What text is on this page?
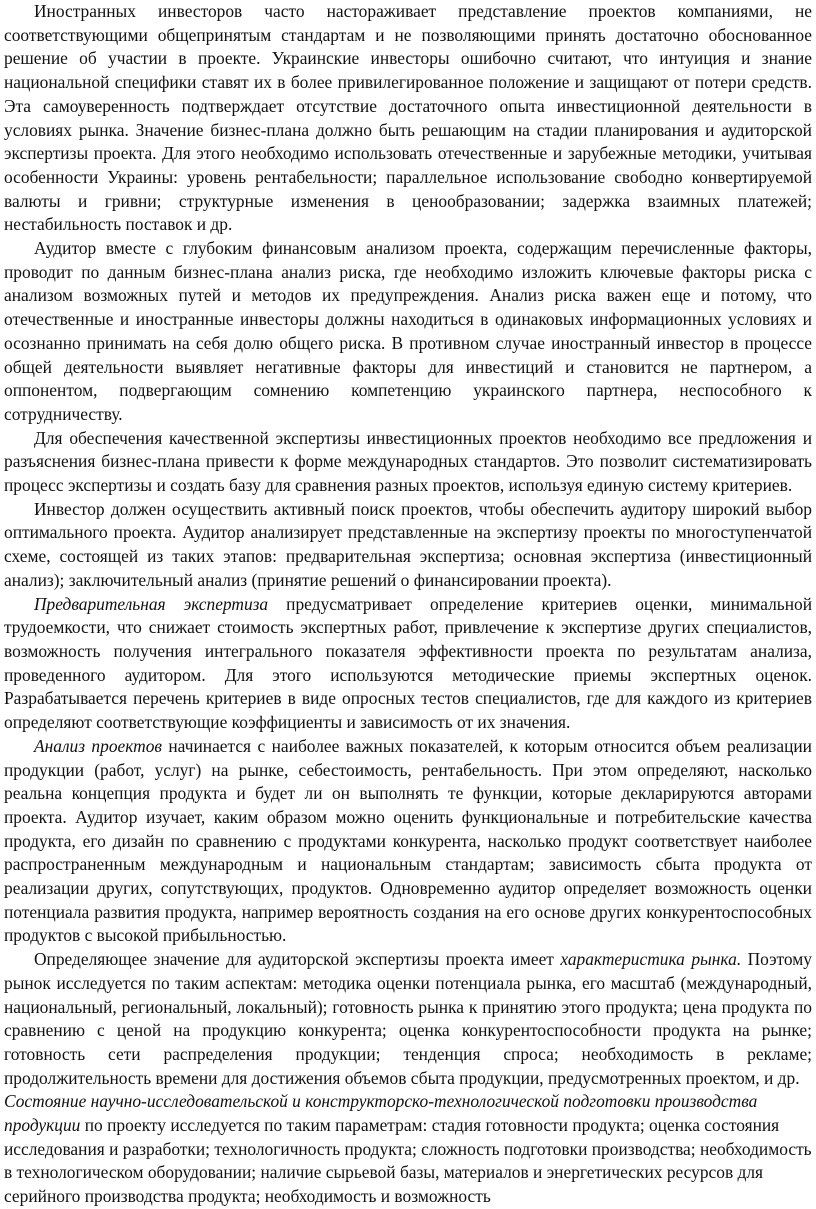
Иностранных инвесторов часто настораживает представление проектов компаниями, не соответствующими общепринятым стандартам и не позволяющими принять достаточно обоснованное решение об участии в проекте. Украинские инвесторы ошибочно считают, что интуиция и знание национальной специфики ставят их в более привилегированное положение и защищают от потери средств. Эта самоуверенность подтверждает отсутствие достаточного опыта инвестиционной деятельности в условиях рынка. Значение бизнес-плана должно быть решающим на стадии планирования и аудиторской экспертизы проекта. Для этого необходимо использовать отечественные и зарубежные методики, учитывая особенности Украины: уровень рентабельности; параллельное использование свободно конвертируемой валюты и гривни; структурные изменения в ценообразовании; задержка взаимных платежей; нестабильность поставок и др.

Аудитор вместе с глубоким финансовым анализом проекта, содержащим перечисленные факторы, проводит по данным бизнес-плана анализ риска, где необходимо изложить ключевые факторы риска с анализом возможных путей и методов их предупреждения. Анализ риска важен еще и потому, что отечественные и иностранные инвесторы должны находиться в одинаковых информационных условиях и осознанно принимать на себя долю общего риска. В противном случае иностранный инвестор в процессе общей деятельности выявляет негативные факторы для инвестиций и становится не партнером, а оппонентом, подвергающим сомнению компетенцию украинского партнера, неспособного к сотрудничеству.

Для обеспечения качественной экспертизы инвестиционных проектов необходимо все предложения и разъяснения бизнес-плана привести к форме международных стандартов. Это позволит систематизировать процесс экспертизы и создать базу для сравнения разных проектов, используя единую систему критериев.

Инвестор должен осуществить активный поиск проектов, чтобы обеспечить аудитору широкий выбор оптимального проекта. Аудитор анализирует представленные на экспертизу проекты по многоступенчатой схеме, состоящей из таких этапов: предварительная экспертиза; основная экспертиза (инвестиционный анализ); заключительный анализ (принятие решений о финансировании проекта).

Предварительная экспертиза предусматривает определение критериев оценки, минимальной трудоемкости, что снижает стоимость экспертных работ, привлечение к экспертизе других специалистов, возможность получения интегрального показателя эффективности проекта по результатам анализа, проведенного аудитором. Для этого используются методические приемы экспертных оценок. Разрабатывается перечень критериев в виде опросных тестов специалистов, где для каждого из критериев определяют соответствующие коэффициенты и зависимость от их значения.

Анализ проектов начинается с наиболее важных показателей, к которым относится объем реализации продукции (работ, услуг) на рынке, себестоимость, рентабельность. При этом определяют, насколько реальна концепция продукта и будет ли он выполнять те функции, которые декларируются авторами проекта. Аудитор изучает, каким образом можно оценить функциональные и потребительские качества продукта, его дизайн по сравнению с продуктами конкурента, насколько продукт соответствует наиболее распространенным международным и национальным стандартам; зависимость сбыта продукта от реализации других, сопутствующих, продуктов. Одновременно аудитор определяет возможность оценки потенциала развития продукта, например вероятность создания на его основе других конкурентоспособных продуктов с высокой прибыльностью.

Определяющее значение для аудиторской экспертизы проекта имеет характеристика рынка. Поэтому рынок исследуется по таким аспектам: методика оценки потенциала рынка, его масштаб (международный, национальный, региональный, локальный); готовность рынка к принятию этого продукта; цена продукта по сравнению с ценой на продукцию конкурента; оценка конкурентоспособности продукта на рынке; готовность сети распределения продукции; тенденция спроса; необходимость в рекламе; продолжительность времени для достижения объемов сбыта продукции, предусмотренных проектом, и др.

Состояние научно-исследовательской и конструкторско-технологической подготовки производства продукции по проекту исследуется по таким параметрам: стадия готовности продукта; оценка состояния исследования и разработки; технологичность продукта; сложность подготовки производства; необходимость в технологическом оборудовании; наличие сырьевой базы, материалов и энергетических ресурсов для серийного производства продукта; необходимость и возможность
